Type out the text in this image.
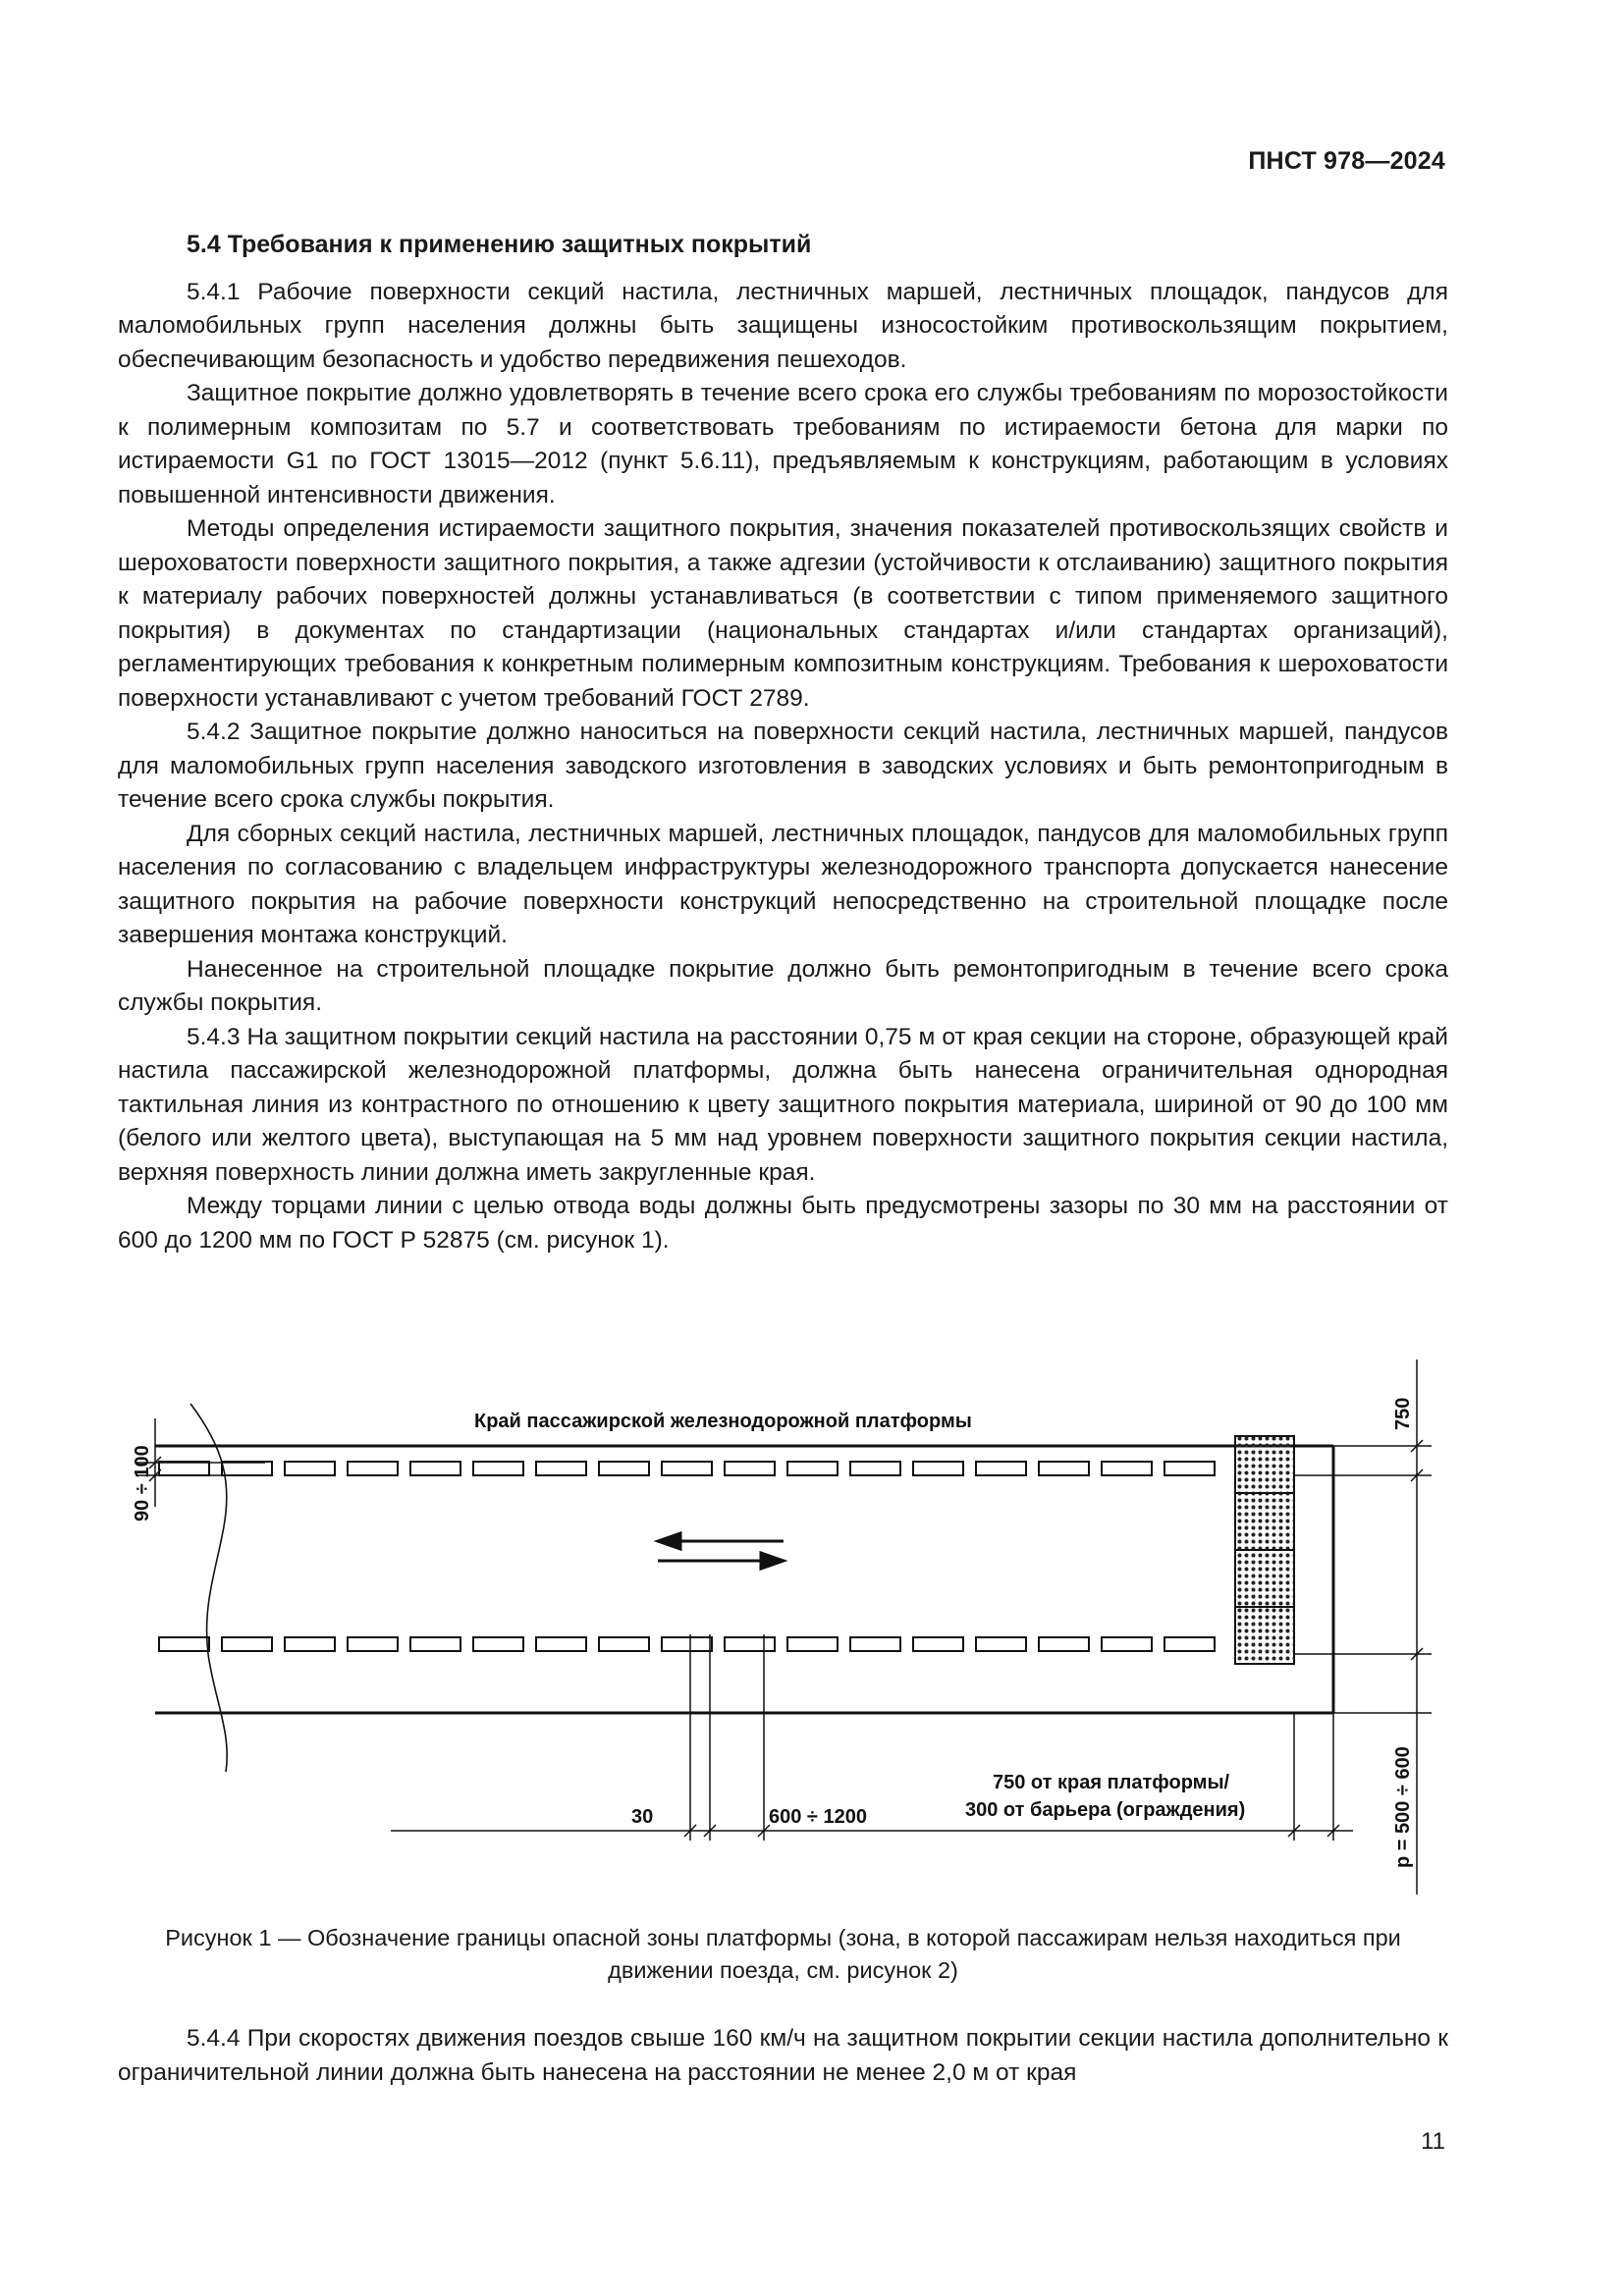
ПНСТ 978—2024

5.4 Требования к применению защитных покрытий

5.4.1 Рабочие поверхности секций настила, лестничных маршей, лестничных площадок, пандусов для маломобильных групп населения должны быть защищены износостойким противоскользящим покрытием, обеспечивающим безопасность и удобство передвижения пешеходов.

Защитное покрытие должно удовлетворять в течение всего срока его службы требованиям по морозостойкости к полимерным композитам по 5.7 и соответствовать требованиям по истираемости бетона для марки по истираемости G1 по ГОСТ 13015—2012 (пункт 5.6.11), предъявляемым к конструкциям, работающим в условиях повышенной интенсивности движения.

Методы определения истираемости защитного покрытия, значения показателей противоскользящих свойств и шероховатости поверхности защитного покрытия, а также адгезии (устойчивости к отслаиванию) защитного покрытия к материалу рабочих поверхностей должны устанавливаться (в соответствии с типом применяемого защитного покрытия) в документах по стандартизации (национальных стандартах и/или стандартах организаций), регламентирующих требования к конкретным полимерным композитным конструкциям. Требования к шероховатости поверхности устанавливают с учетом требований ГОСТ 2789.

5.4.2 Защитное покрытие должно наноситься на поверхности секций настила, лестничных маршей, пандусов для маломобильных групп населения заводского изготовления в заводских условиях и быть ремонтопригодным в течение всего срока службы покрытия.

Для сборных секций настила, лестничных маршей, лестничных площадок, пандусов для маломобильных групп населения по согласованию с владельцем инфраструктуры железнодорожного транспорта допускается нанесение защитного покрытия на рабочие поверхности конструкций непосредственно на строительной площадке после завершения монтажа конструкций.

Нанесенное на строительной площадке покрытие должно быть ремонтопригодным в течение всего срока службы покрытия.

5.4.3 На защитном покрытии секций настила на расстоянии 0,75 м от края секции на стороне, образующей край настила пассажирской железнодорожной платформы, должна быть нанесена ограничительная однородная тактильная линия из контрастного по отношению к цвету защитного покрытия материала, шириной от 90 до 100 мм (белого или желтого цвета), выступающая на 5 мм над уровнем поверхности защитного покрытия секции настила, верхняя поверхность линии должна иметь закругленные края.

Между торцами линии с целью отвода воды должны быть предусмотрены зазоры по 30 мм на расстоянии от 600 до 1200 мм по ГОСТ Р 52875 (см. рисунок 1).

Край пассажирской железнодорожной платформы
90 ÷ 100
750
p = 500 ÷ 600
30	600 ÷ 1200
750 от края платформы/
300 от барьера (ограждения)
Рисунок 1 — Обозначение границы опасной зоны платформы (зона, в которой пассажирам нельзя находиться при движении поезда, см. рисунок 2)

5.4.4 При скоростях движения поездов свыше 160 км/ч на защитном покрытии секции настила дополнительно к ограничительной линии должна быть нанесена на расстоянии не менее 2,0 м от края

11
